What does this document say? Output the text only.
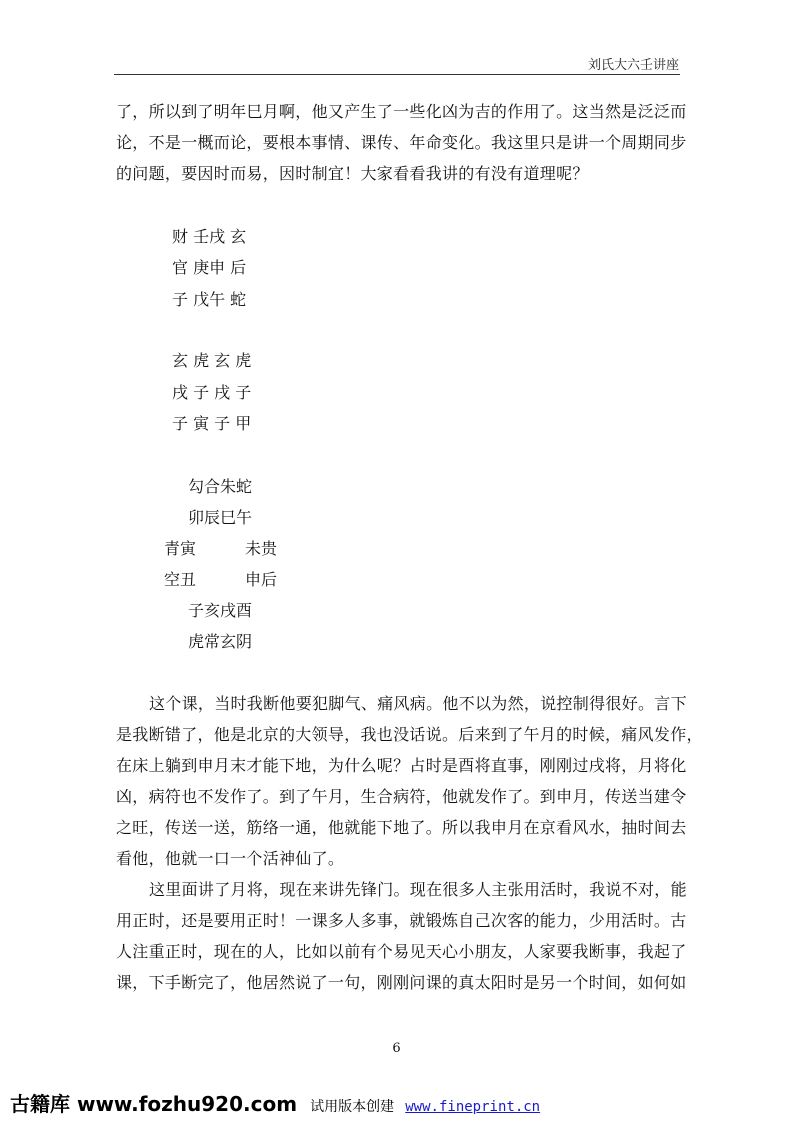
刘氏大六壬讲座
了，所以到了明年巳月啊，他又产生了一些化凶为吉的作用了。这当然是泛泛而
论，不是一概而论，要根本事情、课传、年命变化。我这里只是讲一个周期同步
的问题，要因时而易，因时制宜！大家看看我讲的有没有道理呢？
财 壬戌 玄
官 庚申 后
子 戊午 蛇
玄 虎 玄 虎
戌 子 戌 子
子 寅 子 甲
勾合朱蛇
卯辰巳午
青寅	未贵
空丑	申后
子亥戌酉
虎常玄阴
这个课，当时我断他要犯脚气、痛风病。他不以为然，说控制得很好。言下
是我断错了，他是北京的大领导，我也没话说。后来到了午月的时候，痛风发作，
在床上躺到申月末才能下地，为什么呢？占时是酉将直事，刚刚过戌将，月将化
凶，病符也不发作了。到了午月，生合病符，他就发作了。到申月，传送当建令
之旺，传送一送，筋络一通，他就能下地了。所以我申月在京看风水，抽时间去
看他，他就一口一个活神仙了。
这里面讲了月将，现在来讲先锋门。现在很多人主张用活时，我说不对，能
用正时，还是要用正时！一课多人多事，就锻炼自己次客的能力，少用活时。古
人注重正时，现在的人，比如以前有个易见天心小朋友，人家要我断事，我起了
课，下手断完了，他居然说了一句，刚刚问课的真太阳时是另一个时间，如何如
6
古籍库 www.fozhu920.com 试用版本创建 www.fineprint.cn
